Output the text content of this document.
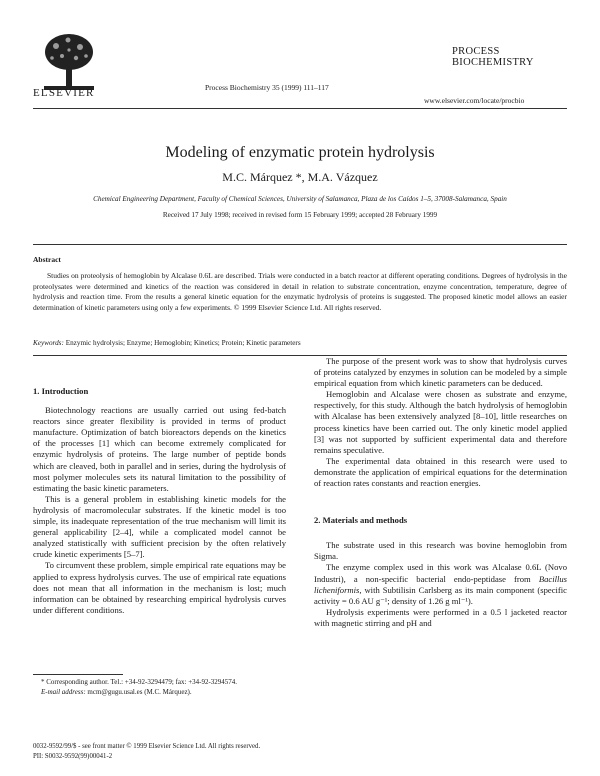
ELSEVIER	Process Biochemistry 35 (1999) 111–117
PROCESS
BIOCHEMISTRY
www.elsevier.com/locate/procbio
Modeling of enzymatic protein hydrolysis
M.C. Márquez *, M.A. Vázquez
Chemical Engineering Department, Faculty of Chemical Sciences, University of Salamanca, Plaza de los Caídos 1–5, 37008-Salamanca, Spain
Received 17 July 1998; received in revised form 15 February 1999; accepted 28 February 1999
Abstract
Studies on proteolysis of hemoglobin by Alcalase 0.6L are described. Trials were conducted in a batch reactor at different operating conditions. Degrees of hydrolysis in the proteolysates were determined and kinetics of the reaction was considered in detail in relation to substrate concentration, enzyme concentration, temperature, degree of hydrolysis and reaction time. From the results a general kinetic equation for the enzymatic hydrolysis of proteins is suggested. The proposed kinetic model allows an easier determination of kinetic parameters using only a few experiments. © 1999 Elsevier Science Ltd. All rights reserved.
Keywords: Enzymic hydrolysis; Enzyme; Hemoglobin; Kinetics; Protein; Kinetic parameters
1. Introduction

Biotechnology reactions are usually carried out using fed-batch reactors since greater flexibility is provided in terms of product manufacture. Optimization of batch bioreactors depends on the kinetics of the processes [1] which can become extremely complicated for enzymic hydrolysis of proteins. The large number of peptide bonds which are cleaved, both in parallel and in series, during the hydrolysis of most polymer molecules sets its natural limitation to the possibility of estimating the basic kinetic parameters.

This is a general problem in establishing kinetic models for the hydrolysis of macromolecular substrates. If the kinetic model is too simple, its inadequate representation of the true mechanism will limit its general applicability [2–4], while a complicated model cannot be analyzed statistically with sufficient precision by the often relatively crude kinetic experiments [5–7].

To circumvent these problem, simple empirical rate equations may be applied to express hydrolysis curves. The use of empirical rate equations does not mean that all information in the mechanism is lost; much information can be obtained by researching empirical hydrolysis curves under different conditions.

The purpose of the present work was to show that hydrolysis curves of proteins catalyzed by enzymes in solution can be modeled by a simple empirical equation from which kinetic parameters can be deduced.

Hemoglobin and Alcalase were chosen as substrate and enzyme, respectively, for this study. Although the batch hydrolysis of hemoglobin with Alcalase has been extensively analyzed [8–10], little researches on process kinetics have been carried out. The only kinetic model applied [3] was not supported by sufficient experimental data and therefore remains speculative.

The experimental data obtained in this research were used to demonstrate the application of empirical equations for the determination of reaction rates constants and reaction energies.

2. Materials and methods

The substrate used in this research was bovine hemoglobin from Sigma.

The enzyme complex used in this work was Alcalase 0.6L (Novo Industri), a non-specific bacterial endo-peptidase from Bacillus licheniformis, with Subtilisin Carlsberg as its main component (specific activity = 0.6 AU g⁻¹; density of 1.26 g ml⁻¹).

Hydrolysis experiments were performed in a 0.5 l jacketed reactor with magnetic stirring and pH and

* Corresponding author. Tel.: +34-92-3294479; fax: +34-92-3294574.
E-mail address: mcm@gugu.usal.es (M.C. Márquez).
0032-9592/99/$ - see front matter © 1999 Elsevier Science Ltd. All rights reserved.
PII: S0032-9592(99)00041-2
